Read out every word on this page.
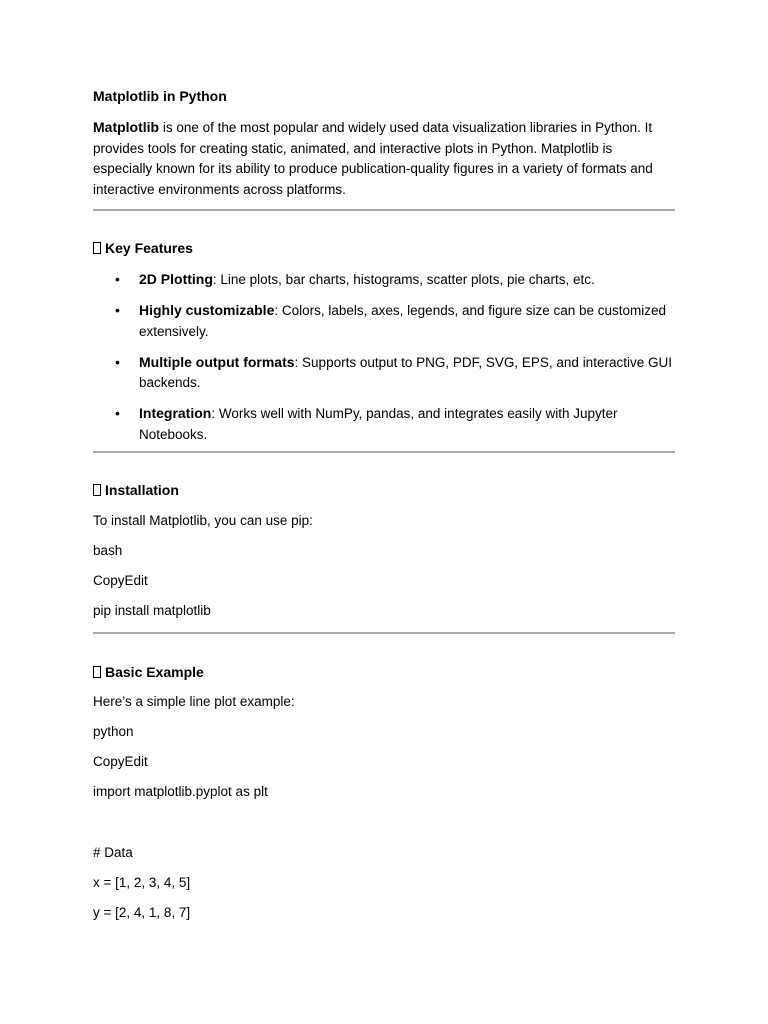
Matplotlib in Python
Matplotlib is one of the most popular and widely used data visualization libraries in Python. It provides tools for creating static, animated, and interactive plots in Python. Matplotlib is especially known for its ability to produce publication-quality figures in a variety of formats and interactive environments across platforms.
Key Features
• 2D Plotting: Line plots, bar charts, histograms, scatter plots, pie charts, etc.
• Highly customizable: Colors, labels, axes, legends, and figure size can be customized extensively.
• Multiple output formats: Supports output to PNG, PDF, SVG, EPS, and interactive GUI backends.
• Integration: Works well with NumPy, pandas, and integrates easily with Jupyter Notebooks.
Installation
To install Matplotlib, you can use pip:
bash
CopyEdit
pip install matplotlib
Basic Example
Here’s a simple line plot example:
python
CopyEdit
import matplotlib.pyplot as plt
# Data
x = [1, 2, 3, 4, 5]
y = [2, 4, 1, 8, 7]
